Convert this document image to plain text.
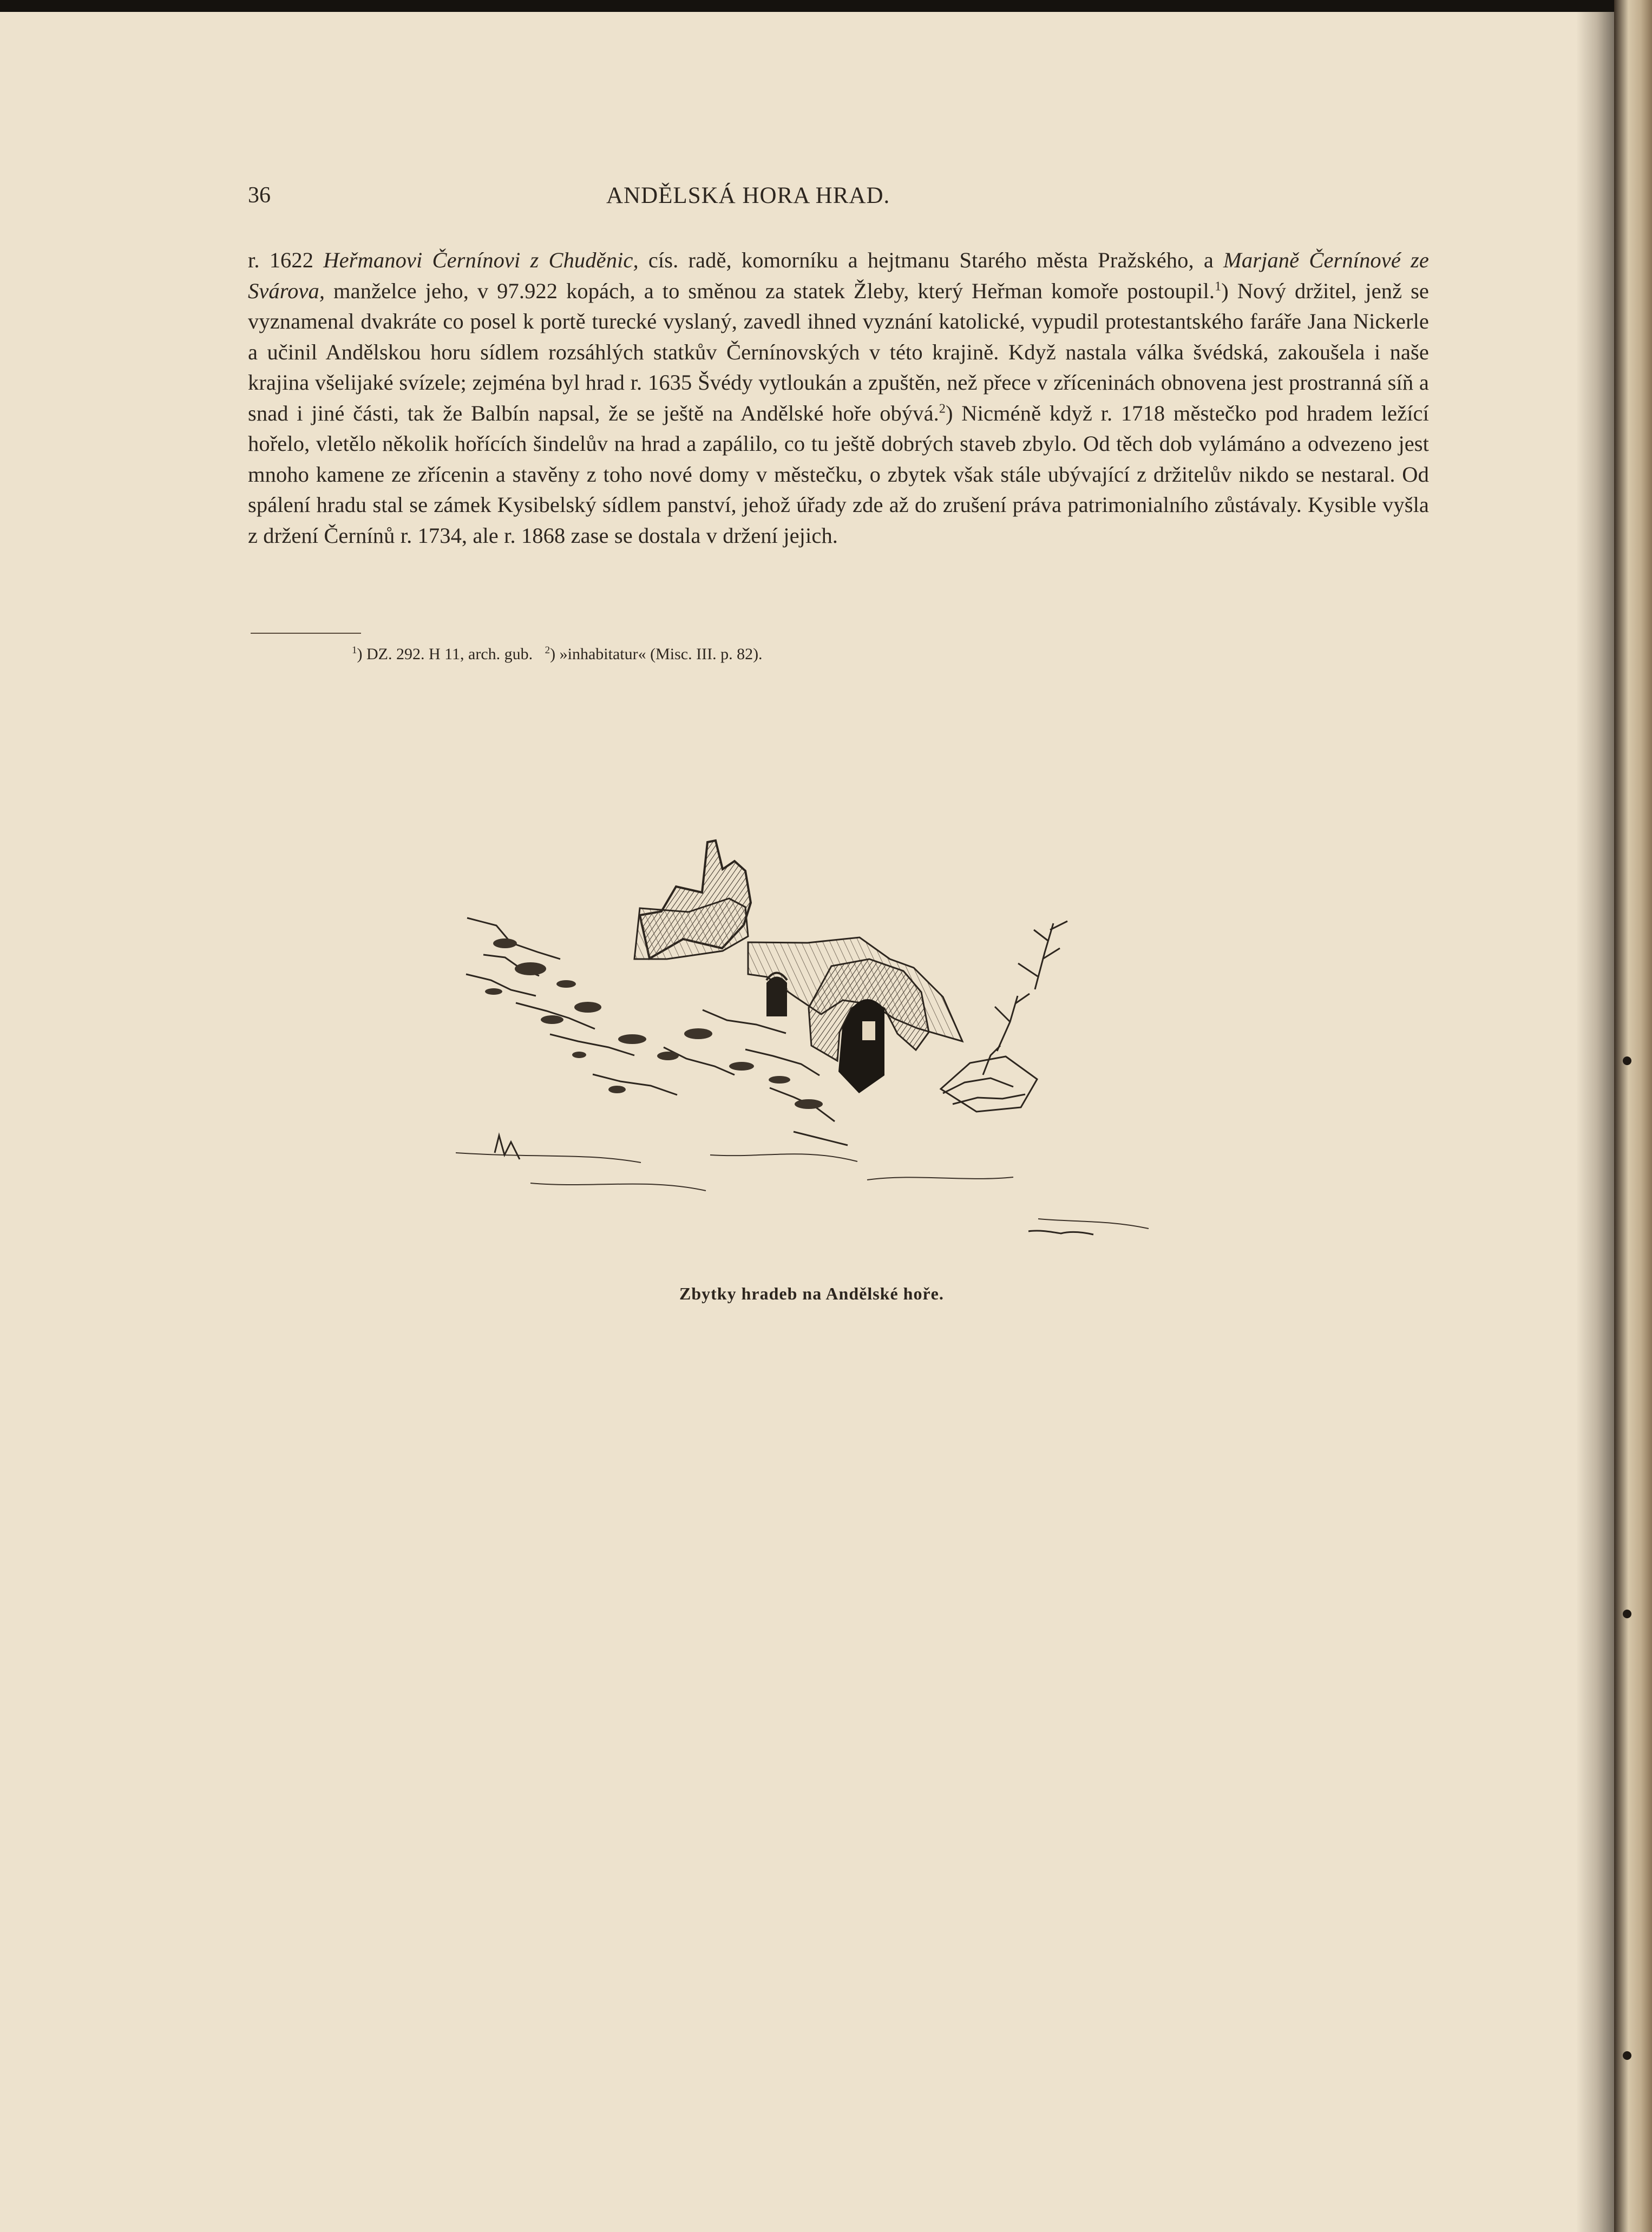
36	ANDĚLSKÁ HORA HRAD.

r. 1622 Heřmanovi Černínovi z Chuděnic, cís. radě, komorníku a hejtmanu Starého města Pražského, a Marjaně Černínové ze Svárova, manželce jeho, v 97.922 kopách, a to směnou za statek Žleby, který Heřman komoře postoupil.$^1$) Nový držitel, jenž se vyznamenal dvakráte co posel k portě turecké vyslaný, zavedl ihned vyznání katolické, vypudil protestantského faráře Jana Nickerle a učinil Andělskou horu sídlem rozsáhlých statkův Černínovských v této krajině. Když nastala válka švédská, zakoušela i naše krajina všelijaké svízele; zejména byl hrad r. 1635 Švédy vytloukán a zpuštěn, než přece v zříceninách obnovena jest prostranná síň a snad i jiné části, tak že Balbín napsal, že se ještě na Andělské hoře obývá.$^2$) Nicméně když r. 1718 městečko pod hradem ležící hořelo, vletělo několik hořících šindelův na hrad a zapálilo, co tu ještě dobrých staveb zbylo. Od těch dob vylámáno a odvezeno jest mnoho kamene ze zřícenin a stavěny z toho nové domy v městečku, o zbytek však stále ubývající z držitelův nikdo se nestaral. Od spálení hradu stal se zámek Kysibelský sídlem panství, jehož úřady zde až do zrušení práva patrimonialního zůstávaly. Kysible vyšla z držení Černínů r. 1734, ale r. 1868 zase se dostala v držení jejich.

$^1$) DZ. 292. H 11, arch. gub. $^2$) »inhabitatur« (Misc. III. p. 82).

Zbytky hradeb na Andělské hoře.
